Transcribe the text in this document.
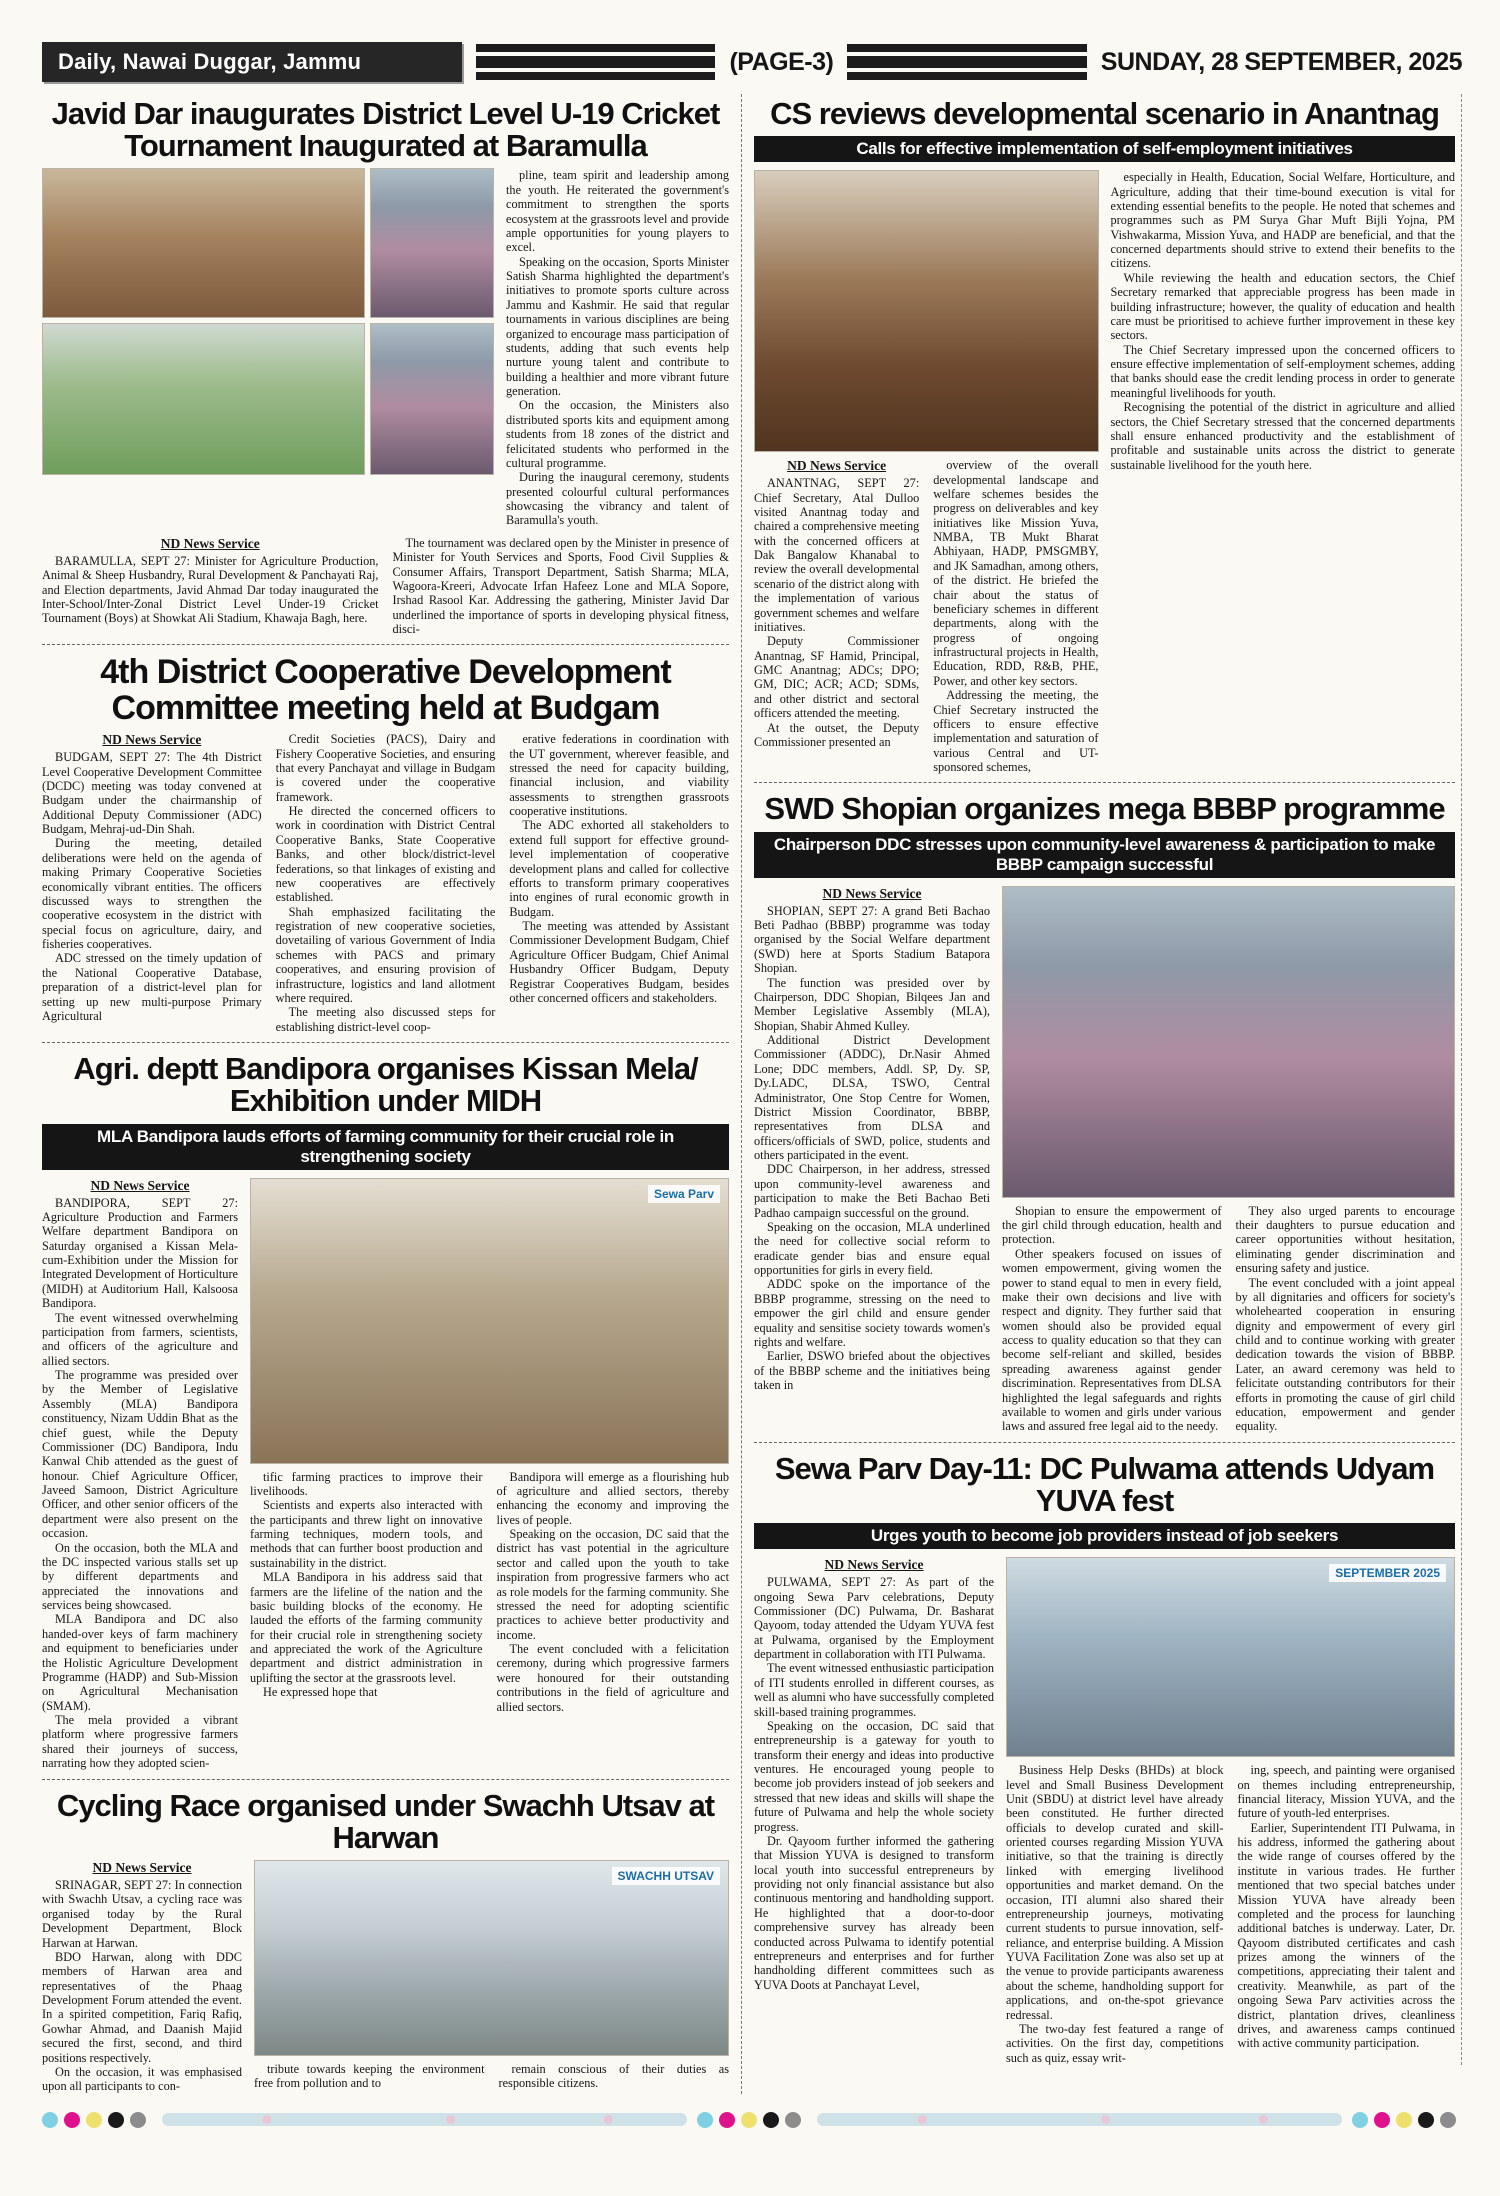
Daily, Nawai Duggar, Jammu	(PAGE-3)	SUNDAY, 28 SEPTEMBER, 2025
Javid Dar inaugurates District Level U-19 Cricket Tournament Inaugurated at Baramulla

pline, team spirit and leadership among the youth. He reiterated the government's commitment to strengthen the sports ecosystem at the grassroots level and provide ample opportunities for young players to excel.

Speaking on the occasion, Sports Minister Satish Sharma highlighted the department's initiatives to promote sports culture across Jammu and Kashmir. He said that regular tournaments in various disciplines are being organized to encourage mass participation of students, adding that such events help nurture young talent and contribute to building a healthier and more vibrant future generation.

On the occasion, the Ministers also distributed sports kits and equipment among students from 18 zones of the district and felicitated students who performed in the cultural programme.

During the inaugural ceremony, students presented colourful cultural performances showcasing the vibrancy and talent of Baramulla's youth.

ND News Service

BARAMULLA, SEPT 27: Minister for Agriculture Production, Animal & Sheep Husbandry, Rural Development & Panchayati Raj, and Election departments, Javid Ahmad Dar today inaugurated the Inter-School/Inter-Zonal District Level Under-19 Cricket Tournament (Boys) at Showkat Ali Stadium, Khawaja Bagh, here.

The tournament was declared open by the Minister in presence of Minister for Youth Services and Sports, Food Civil Supplies & Consumer Affairs, Transport Department, Satish Sharma; MLA, Wagoora-Kreeri, Advocate Irfan Hafeez Lone and MLA Sopore, Irshad Rasool Kar. Addressing the gathering, Minister Javid Dar underlined the importance of sports in developing physical fitness, disci-

4th District Cooperative Development Committee meeting held at Budgam
ND News Service

BUDGAM, SEPT 27: The 4th District Level Cooperative Development Committee (DCDC) meeting was today convened at Budgam under the chairmanship of Additional Deputy Commissioner (ADC) Budgam, Mehraj-ud-Din Shah.

During the meeting, detailed deliberations were held on the agenda of making Primary Cooperative Societies economically vibrant entities. The officers discussed ways to strengthen the cooperative ecosystem in the district with special focus on agriculture, dairy, and fisheries cooperatives.

ADC stressed on the timely updation of the National Cooperative Database, preparation of a district-level plan for setting up new multi-purpose Primary Agricultural

Credit Societies (PACS), Dairy and Fishery Cooperative Societies, and ensuring that every Panchayat and village in Budgam is covered under the cooperative framework.

He directed the concerned officers to work in coordination with District Central Cooperative Banks, State Cooperative Banks, and other block/district-level federations, so that linkages of existing and new cooperatives are effectively established.

Shah emphasized facilitating the registration of new cooperative societies, dovetailing of various Government of India schemes with PACS and primary cooperatives, and ensuring provision of infrastructure, logistics and land allotment where required.

The meeting also discussed steps for establishing district-level coop-

erative federations in coordination with the UT government, wherever feasible, and stressed the need for capacity building, financial inclusion, and viability assessments to strengthen grassroots cooperative institutions.

The ADC exhorted all stakeholders to extend full support for effective ground-level implementation of cooperative development plans and called for collective efforts to transform primary cooperatives into engines of rural economic growth in Budgam.

The meeting was attended by Assistant Commissioner Development Budgam, Chief Agriculture Officer Budgam, Chief Animal Husbandry Officer Budgam, Deputy Registrar Cooperatives Budgam, besides other concerned officers and stakeholders.

Agri. deptt Bandipora organises Kissan Mela/ Exhibition under MIDH
MLA Bandipora lauds efforts of farming community for their crucial role in strengthening society
ND News Service

BANDIPORA, SEPT 27: Agriculture Production and Farmers Welfare department Bandipora on Saturday organised a Kissan Mela-cum-Exhibition under the Mission for Integrated Development of Horticulture (MIDH) at Auditorium Hall, Kalsoosa Bandipora.

The event witnessed overwhelming participation from farmers, scientists, and officers of the agriculture and allied sectors.

The programme was presided over by the Member of Legislative Assembly (MLA) Bandipora constituency, Nizam Uddin Bhat as the chief guest, while the Deputy Commissioner (DC) Bandipora, Indu Kanwal Chib attended as the guest of honour. Chief Agriculture Officer, Javeed Samoon, District Agriculture Officer, and other senior officers of the department were also present on the occasion.

On the occasion, both the MLA and the DC inspected various stalls set up by different departments and appreciated the innovations and services being showcased.

MLA Bandipora and DC also handed-over keys of farm machinery and equipment to beneficiaries under the Holistic Agriculture Development Programme (HADP) and Sub-Mission on Agricultural Mechanisation (SMAM).

The mela provided a vibrant platform where progressive farmers shared their journeys of success, narrating how they adopted scien-

Sewa Parv

tific farming practices to improve their livelihoods.

Scientists and experts also interacted with the participants and threw light on innovative farming techniques, modern tools, and methods that can further boost production and sustainability in the district.

MLA Bandipora in his address said that farmers are the lifeline of the nation and the basic building blocks of the economy. He lauded the efforts of the farming community for their crucial role in strengthening society and appreciated the work of the Agriculture department and district administration in uplifting the sector at the grassroots level.

He expressed hope that

Bandipora will emerge as a flourishing hub of agriculture and allied sectors, thereby enhancing the economy and improving the lives of people.

Speaking on the occasion, DC said that the district has vast potential in the agriculture sector and called upon the youth to take inspiration from progressive farmers who act as role models for the farming community. She stressed the need for adopting scientific practices to achieve better productivity and income.

The event concluded with a felicitation ceremony, during which progressive farmers were honoured for their outstanding contributions in the field of agriculture and allied sectors.

Cycling Race organised under Swachh Utsav at Harwan
ND News Service

SRINAGAR, SEPT 27: In connection with Swachh Utsav, a cycling race was organised today by the Rural Development Department, Block Harwan at Harwan.

BDO Harwan, along with DDC members of Harwan area and representatives of the Phaag Development Forum attended the event. In a spirited competition, Fariq Rafiq, Gowhar Ahmad, and Daanish Majid secured the first, second, and third positions respectively.

On the occasion, it was emphasised upon all participants to con-

SWACHH UTSAV

tribute towards keeping the environment free from pollution and to

remain conscious of their duties as responsible citizens.

CS reviews developmental scenario in Anantnag
Calls for effective implementation of self-employment initiatives
ND News Service

ANANTNAG, SEPT 27: Chief Secretary, Atal Dulloo visited Anantnag today and chaired a comprehensive meeting with the concerned officers at Dak Bangalow Khanabal to review the overall developmental scenario of the district along with the implementation of various government schemes and welfare initiatives.

Deputy Commissioner Anantnag, SF Hamid, Principal, GMC Anantnag; ADCs; DPO; GM, DIC; ACR; ACD; SDMs, and other district and sectoral officers attended the meeting.

At the outset, the Deputy Commissioner presented an

overview of the overall developmental landscape and welfare schemes besides the progress on deliverables and key initiatives like Mission Yuva, NMBA, TB Mukt Bharat Abhiyaan, HADP, PMSGMBY, and JK Samadhan, among others, of the district. He briefed the chair about the status of beneficiary schemes in different departments, along with the progress of ongoing infrastructural projects in Health, Education, RDD, R&B, PHE, Power, and other key sectors.

Addressing the meeting, the Chief Secretary instructed the officers to ensure effective implementation and saturation of various Central and UT-sponsored schemes,

especially in Health, Education, Social Welfare, Horticulture, and Agriculture, adding that their time-bound execution is vital for extending essential benefits to the people. He noted that schemes and programmes such as PM Surya Ghar Muft Bijli Yojna, PM Vishwakarma, Mission Yuva, and HADP are beneficial, and that the concerned departments should strive to extend their benefits to the citizens.

While reviewing the health and education sectors, the Chief Secretary remarked that appreciable progress has been made in building infrastructure; however, the quality of education and health care must be prioritised to achieve further improvement in these key sectors.

The Chief Secretary impressed upon the concerned officers to ensure effective implementation of self-employment schemes, adding that banks should ease the credit lending process in order to generate meaningful livelihoods for youth.

Recognising the potential of the district in agriculture and allied sectors, the Chief Secretary stressed that the concerned departments shall ensure enhanced productivity and the establishment of profitable and sustainable units across the district to generate sustainable livelihood for the youth here.

SWD Shopian organizes mega BBBP programme
Chairperson DDC stresses upon community-level awareness & participation to make BBBP campaign successful
ND News Service

SHOPIAN, SEPT 27: A grand Beti Bachao Beti Padhao (BBBP) programme was today organised by the Social Welfare department (SWD) here at Sports Stadium Batapora Shopian.

The function was presided over by Chairperson, DDC Shopian, Bilqees Jan and Member Legislative Assembly (MLA), Shopian, Shabir Ahmed Kulley.

Additional District Development Commissioner (ADDC), Dr.Nasir Ahmed Lone; DDC members, Addl. SP, Dy. SP, Dy.LADC, DLSA, TSWO, Central Administrator, One Stop Centre for Women, District Mission Coordinator, BBBP, representatives from DLSA and officers/officials of SWD, police, students and others participated in the event.

DDC Chairperson, in her address, stressed upon community-level awareness and participation to make the Beti Bachao Beti Padhao campaign successful on the ground.

Speaking on the occasion, MLA underlined the need for collective social reform to eradicate gender bias and ensure equal opportunities for girls in every field.

ADDC spoke on the importance of the BBBP programme, stressing on the need to empower the girl child and ensure gender equality and sensitise society towards women's rights and welfare.

Earlier, DSWO briefed about the objectives of the BBBP scheme and the initiatives being taken in

Shopian to ensure the empowerment of the girl child through education, health and protection.

Other speakers focused on issues of women empowerment, giving women the power to stand equal to men in every field, make their own decisions and live with respect and dignity. They further said that women should also be provided equal access to quality education so that they can become self-reliant and skilled, besides spreading awareness against gender discrimination. Representatives from DLSA highlighted the legal safeguards and rights available to women and girls under various laws and assured free legal aid to the needy.

They also urged parents to encourage their daughters to pursue education and career opportunities without hesitation, eliminating gender discrimination and ensuring safety and justice.

The event concluded with a joint appeal by all dignitaries and officers for society's wholehearted cooperation in ensuring dignity and empowerment of every girl child and to continue working with greater dedication towards the vision of BBBP. Later, an award ceremony was held to felicitate outstanding contributors for their efforts in promoting the cause of girl child education, empowerment and gender equality.

Sewa Parv Day-11: DC Pulwama attends Udyam YUVA fest
Urges youth to become job providers instead of job seekers
ND News Service

PULWAMA, SEPT 27: As part of the ongoing Sewa Parv celebrations, Deputy Commissioner (DC) Pulwama, Dr. Basharat Qayoom, today attended the Udyam YUVA fest at Pulwama, organised by the Employment department in collaboration with ITI Pulwama.

The event witnessed enthusiastic participation of ITI students enrolled in different courses, as well as alumni who have successfully completed skill-based training programmes.

Speaking on the occasion, DC said that entrepreneurship is a gateway for youth to transform their energy and ideas into productive ventures. He encouraged young people to become job providers instead of job seekers and stressed that new ideas and skills will shape the future of Pulwama and help the whole society progress.

Dr. Qayoom further informed the gathering that Mission YUVA is designed to transform local youth into successful entrepreneurs by providing not only financial assistance but also continuous mentoring and handholding support. He highlighted that a door-to-door comprehensive survey has already been conducted across Pulwama to identify potential entrepreneurs and enterprises and for further handholding different committees such as YUVA Doots at Panchayat Level,

SEPTEMBER 2025

Business Help Desks (BHDs) at block level and Small Business Development Unit (SBDU) at district level have already been constituted. He further directed officials to develop curated and skill-oriented courses regarding Mission YUVA initiative, so that the training is directly linked with emerging livelihood opportunities and market demand. On the occasion, ITI alumni also shared their entrepreneurship journeys, motivating current students to pursue innovation, self-reliance, and enterprise building. A Mission YUVA Facilitation Zone was also set up at the venue to provide participants awareness about the scheme, handholding support for applications, and on-the-spot grievance redressal.

The two-day fest featured a range of activities. On the first day, competitions such as quiz, essay writ-

ing, speech, and painting were organised on themes including entrepreneurship, financial literacy, Mission YUVA, and the future of youth-led enterprises.

Earlier, Superintendent ITI Pulwama, in his address, informed the gathering about the wide range of courses offered by the institute in various trades. He further mentioned that two special batches under Mission YUVA have already been completed and the process for launching additional batches is underway. Later, Dr. Qayoom distributed certificates and cash prizes among the winners of the competitions, appreciating their talent and creativity. Meanwhile, as part of the ongoing Sewa Parv activities across the district, plantation drives, cleanliness drives, and awareness camps continued with active community participation.
